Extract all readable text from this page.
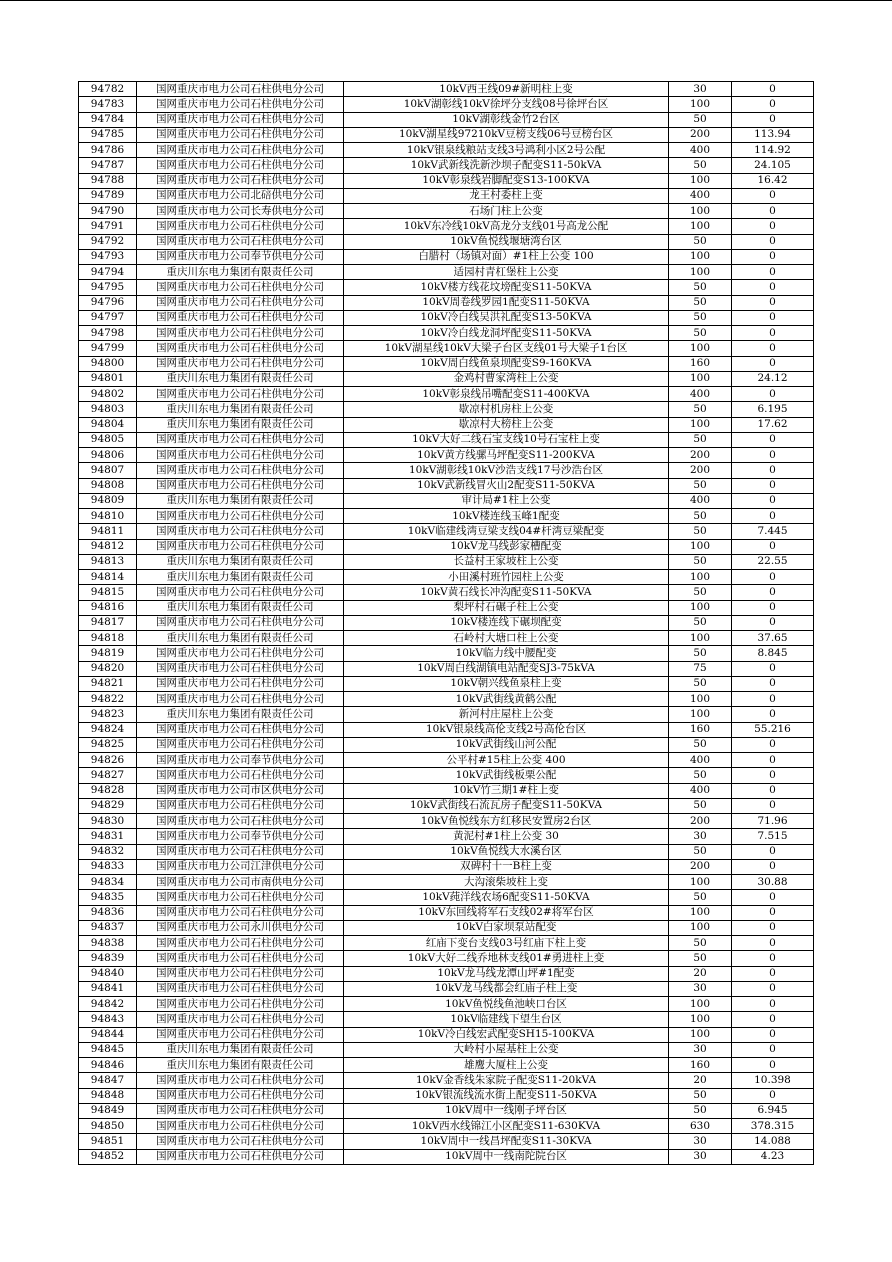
94782	国网重庆市电力公司石柱供电分公司	10kV西王线09#新明柱上变	30	0
94783	国网重庆市电力公司石柱供电分公司	10kV湖彰线10kV徐坪分支线08号徐坪台区	100	0
94784	国网重庆市电力公司石柱供电分公司	10kV湖彰线金竹2台区	50	0
94785	国网重庆市电力公司石柱供电分公司	10kV湖星线97210kV豆榜支线06号豆榜台区	200	113.94
94786	国网重庆市电力公司石柱供电分公司	10kV银泉线粮站支线3号鸿利小区2号公配	400	114.92
94787	国网重庆市电力公司石柱供电分公司	10kV武新线洗新沙坝子配变S11-50kVA	50	24.105
94788	国网重庆市电力公司石柱供电分公司	10kV彰泉线岩脚配变S13-100KVA	100	16.42
94789	国网重庆市电力公司北碚供电分公司	龙王村委柱上变	400	0
94790	国网重庆市电力公司长寿供电分公司	石场门柱上公变	100	0
94791	国网重庆市电力公司石柱供电分公司	10kV东冷线10kV高龙分支线01号高龙公配	100	0
94792	国网重庆市电力公司石柱供电分公司	10kV鱼悦线堰塘湾台区	50	0
94793	国网重庆市电力公司奉节供电分公司	白腊村（场镇对面）#1柱上公变 100	100	0
94794	重庆川东电力集团有限责任公司	适园村青杠堡柱上公变	100	0
94795	国网重庆市电力公司石柱供电分公司	10kV楼方线花坟塝配变S11-50KVA	50	0
94796	国网重庆市电力公司石柱供电分公司	10kV周卷线罗园1配变S11-50KVA	50	0
94797	国网重庆市电力公司石柱供电分公司	10kV冷白线吴洪礼配变S13-50KVA	50	0
94798	国网重庆市电力公司石柱供电分公司	10kV冷白线龙洞坪配变S11-50KVA	50	0
94799	国网重庆市电力公司石柱供电分公司	10kV湖星线10kV大梁子台区支线01号大梁子1台区	100	0
94800	国网重庆市电力公司石柱供电分公司	10kV周白线鱼泉坝配变S9-160KVA	160	0
94801	重庆川东电力集团有限责任公司	金鸡村曹家湾柱上公变	100	24.12
94802	国网重庆市电力公司石柱供电分公司	10kV彰泉线吊嘴配变S11-400KVA	400	0
94803	重庆川东电力集团有限责任公司	歇凉村机房柱上公变	50	6.195
94804	重庆川东电力集团有限责任公司	歇凉村大榜柱上公变	100	17.62
94805	国网重庆市电力公司石柱供电分公司	10kV大好二线石宝支线10号石宝柱上变	50	0
94806	国网重庆市电力公司石柱供电分公司	10kV黄方线骡马坪配变S11-200KVA	200	0
94807	国网重庆市电力公司石柱供电分公司	10kV湖彰线10kV沙浩支线17号沙浩台区	200	0
94808	国网重庆市电力公司石柱供电分公司	10kV武新线冒火山2配变S11-50KVA	50	0
94809	重庆川东电力集团有限责任公司	审计局#1柱上公变	400	0
94810	国网重庆市电力公司石柱供电分公司	10kV楼连线玉峰1配变	50	0
94811	国网重庆市电力公司石柱供电分公司	10kV临建线湾豆梁支线04#杆湾豆梁配变	50	7.445
94812	国网重庆市电力公司石柱供电分公司	10kV龙马线彭家槽配变	100	0
94813	重庆川东电力集团有限责任公司	长益村王家坡柱上公变	50	22.55
94814	重庆川东电力集团有限责任公司	小田溪村班竹园柱上公变	100	0
94815	国网重庆市电力公司石柱供电分公司	10kV黄石线长冲沟配变S11-50KVA	50	0
94816	重庆川东电力集团有限责任公司	梨坪村石碾子柱上公变	100	0
94817	国网重庆市电力公司石柱供电分公司	10kV楼连线下碾坝配变	50	0
94818	重庆川东电力集团有限责任公司	石岭村大塘口柱上公变	100	37.65
94819	国网重庆市电力公司石柱供电分公司	10kV临力线中腰配变	50	8.845
94820	国网重庆市电力公司石柱供电分公司	10kV周白线湖镇电站配变SJ3-75kVA	75	0
94821	国网重庆市电力公司石柱供电分公司	10kV朝兴线鱼泉柱上变	50	0
94822	国网重庆市电力公司石柱供电分公司	10kV武街线黄鹤公配	100	0
94823	重庆川东电力集团有限责任公司	新河村庄屋柱上公变	100	0
94824	国网重庆市电力公司石柱供电分公司	10kV银泉线高伦支线2号高伦台区	160	55.216
94825	国网重庆市电力公司石柱供电分公司	10kV武街线山河公配	50	0
94826	国网重庆市电力公司奉节供电分公司	公平村#15柱上公变 400	400	0
94827	国网重庆市电力公司石柱供电分公司	10kV武街线板栗公配	50	0
94828	国网重庆市电力公司市区供电分公司	10kV竹三期1#柱上变	400	0
94829	国网重庆市电力公司石柱供电分公司	10kV武街线石流瓦房子配变S11-50KVA	50	0
94830	国网重庆市电力公司石柱供电分公司	10kV鱼悦线东方红移民安置房2台区	200	71.96
94831	国网重庆市电力公司奉节供电分公司	黄泥村#1柱上公变 30	30	7.515
94832	国网重庆市电力公司石柱供电分公司	10kV鱼悦线大水溪台区	50	0
94833	国网重庆市电力公司江津供电分公司	双碑村十一B柱上变	200	0
94834	国网重庆市电力公司市南供电分公司	大沟滚柴坡柱上变	100	30.88
94835	国网重庆市电力公司石柱供电分公司	10kV莼洋线农场6配变S11-50KVA	50	0
94836	国网重庆市电力公司石柱供电分公司	10kV东回线将军石支线02#将军台区	100	0
94837	国网重庆市电力公司永川供电分公司	10kV白家坝泵站配变	100	0
94838	国网重庆市电力公司石柱供电分公司	红庙下变台支线03号红庙下柱上变	50	0
94839	国网重庆市电力公司石柱供电分公司	10kV大好二线乔地林支线01#勇进柱上变	50	0
94840	国网重庆市电力公司石柱供电分公司	10kV龙马线龙潭山坪#1配变	20	0
94841	国网重庆市电力公司石柱供电分公司	10kV龙马线都会红庙子柱上变	30	0
94842	国网重庆市电力公司石柱供电分公司	10kV鱼悦线鱼池峡口台区	100	0
94843	国网重庆市电力公司石柱供电分公司	10kV临建线下望生台区	100	0
94844	国网重庆市电力公司石柱供电分公司	10kV冷白线宏武配变SH15-100KVA	100	0
94845	重庆川东电力集团有限责任公司	大岭村小屋基柱上公变	30	0
94846	重庆川东电力集团有限责任公司	雄鹰大厦柱上公变	160	0
94847	国网重庆市电力公司石柱供电分公司	10kV金香线朱家院子配变S11-20kVA	20	10.398
94848	国网重庆市电力公司石柱供电分公司	10kV银流线流水街上配变S11-50KVA	50	0
94849	国网重庆市电力公司石柱供电分公司	10kV周中一线刚子坪台区	50	6.945
94850	国网重庆市电力公司石柱供电分公司	10kV西水线锦江小区配变S11-630KVA	630	378.315
94851	国网重庆市电力公司石柱供电分公司	10kV周中一线昌坪配变S11-30KVA	30	14.088
94852	国网重庆市电力公司石柱供电分公司	10kV周中一线南陀院台区	30	4.23
